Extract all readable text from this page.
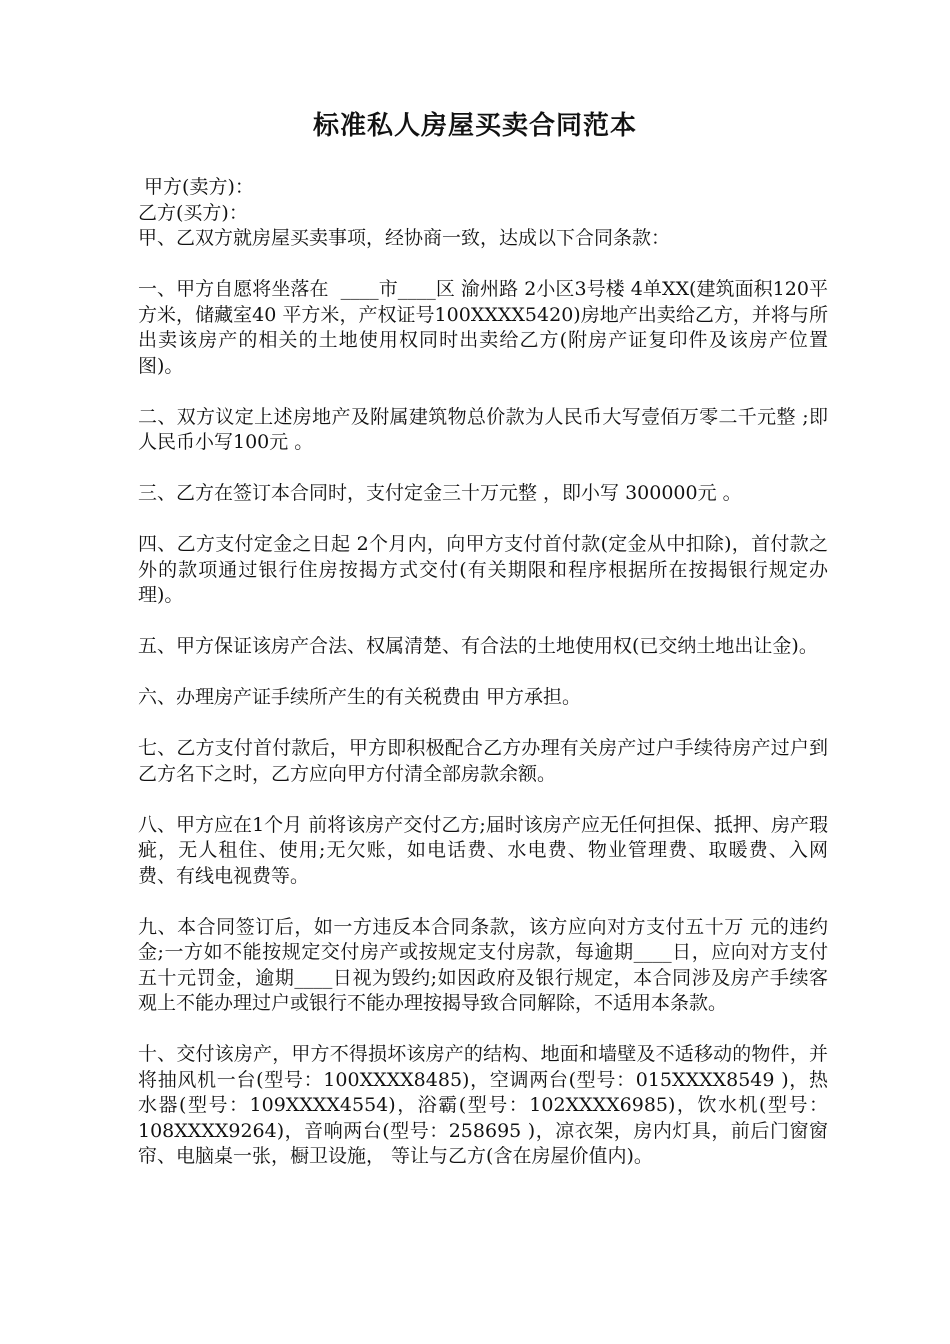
标准私人房屋买卖合同范本
甲方(卖方)：
乙方(买方)：
甲、乙双方就房屋买卖事项，经协商一致，达成以下合同条款：

一、甲方自愿将坐落在  ____市____区 渝州路 2小区3号楼 4单XX(建筑面积120平方米，储藏室40 平方米，产权证号100XXXX5420)房地产出卖给乙方，并将与所出卖该房产的相关的土地使用权同时出卖给乙方(附房产证复印件及该房产位置图)。

二、双方议定上述房地产及附属建筑物总价款为人民币大写壹佰万零二千元整 ;即人民币小写100元 。

三、乙方在签订本合同时，支付定金三十万元整 ，即小写 300000元 。

四、乙方支付定金之日起 2个月内，向甲方支付首付款(定金从中扣除)，首付款之外的款项通过银行住房按揭方式交付(有关期限和程序根据所在按揭银行规定办理)。

五、甲方保证该房产合法、权属清楚、有合法的土地使用权(已交纳土地出让金)。

六、办理房产证手续所产生的有关税费由 甲方承担。

七、乙方支付首付款后，甲方即积极配合乙方办理有关房产过户手续待房产过户到乙方名下之时，乙方应向甲方付清全部房款余额。

八、甲方应在1个月 前将该房产交付乙方;届时该房产应无任何担保、抵押、房产瑕疵，无人租住、使用;无欠账，如电话费、水电费、物业管理费、取暖费、入网费、有线电视费等。

九、本合同签订后，如一方违反本合同条款，该方应向对方支付五十万 元的违约金;一方如不能按规定交付房产或按规定支付房款，每逾期____日，应向对方支付五十元罚金，逾期____日视为毁约;如因政府及银行规定，本合同涉及房产手续客观上不能办理过户或银行不能办理按揭导致合同解除，不适用本条款。

十、交付该房产，甲方不得损坏该房产的结构、地面和墙壁及不适移动的物件，并将抽风机一台(型号：100XXXX8485)，空调两台(型号：015XXXX8549 )，热水器(型号：109XXXX4554)，浴霸(型号：102XXXX6985)，饮水机(型号：108XXXX9264)，音响两台(型号：258695 )，凉衣架，房内灯具，前后门窗窗帘、电脑桌一张，橱卫设施， 等让与乙方(含在房屋价值内)。
